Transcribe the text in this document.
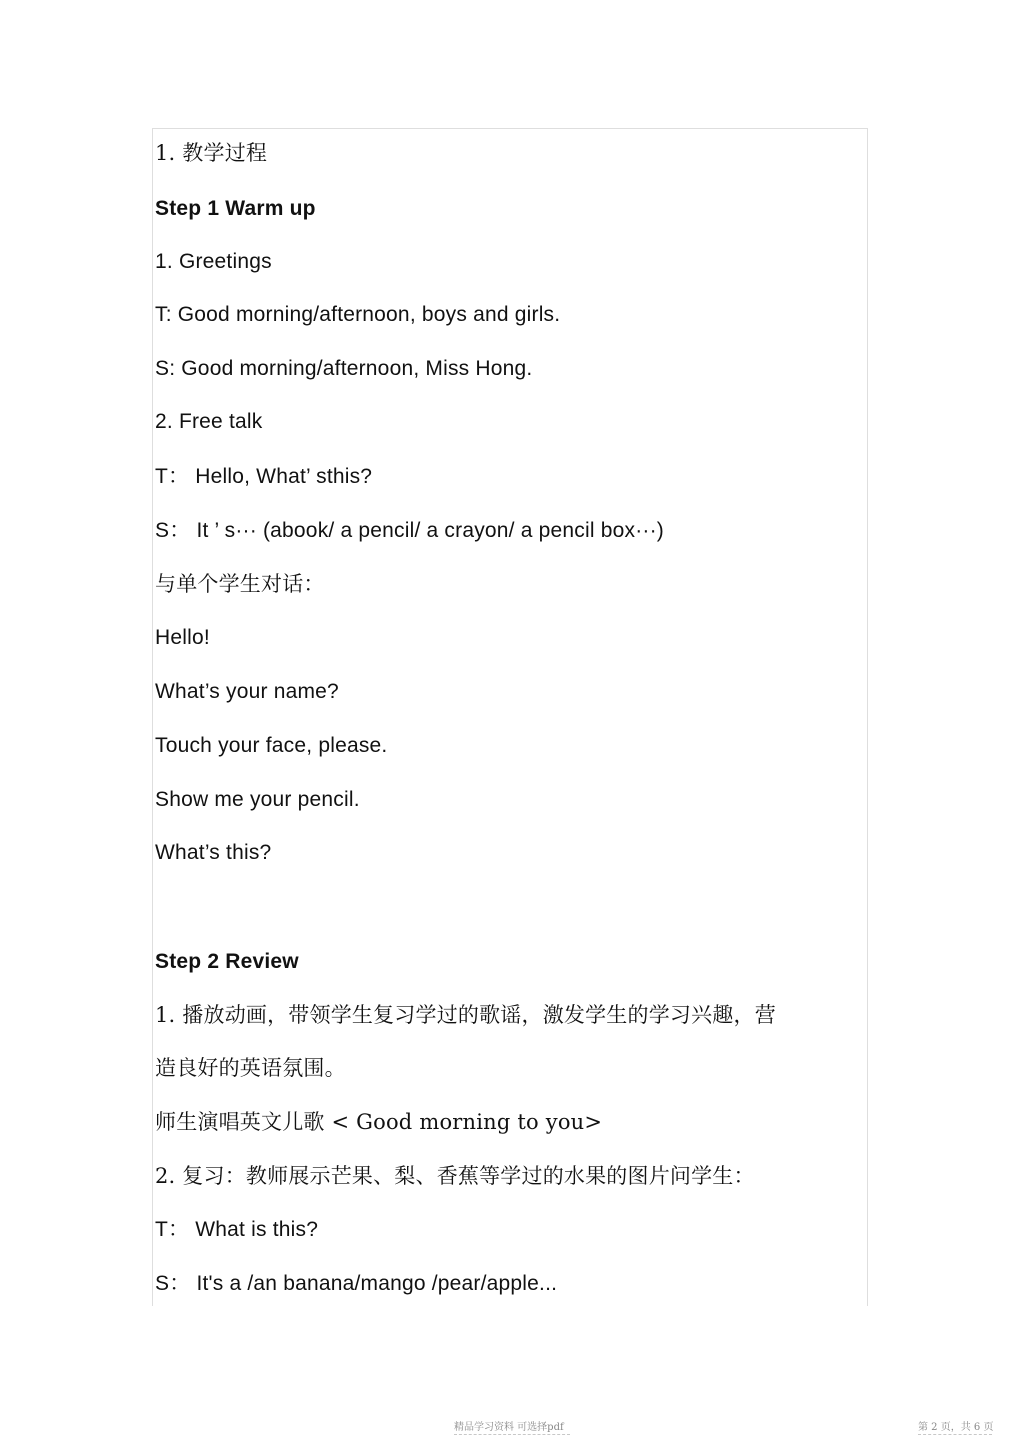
1. 教学过程
Step 1 Warm up
1. Greetings
T: Good morning/afternoon, boys and girls.
S: Good morning/afternoon, Miss Hong.
2. Free talk
T： Hello, What’ sthis?
S： It ’ s··· (abook/ a pencil/ a crayon/ a pencil box···)
与单个学生对话：
Hello!
What’s your name?
Touch your face, please.
Show me your pencil.
What’s this?
Step 2 Review
1. 播放动画，带领学生复习学过的歌谣，激发学生的学习兴趣，营
造良好的英语氛围。
师生演唱英文儿歌 < Good morning to you>
2. 复习：教师展示芒果、梨、香蕉等学过的水果的图片问学生：
T： What is this?
S： It's a /an banana/mango /pear/apple...
精品学习资料 可选择pdf	第 2 页，共 6 页
